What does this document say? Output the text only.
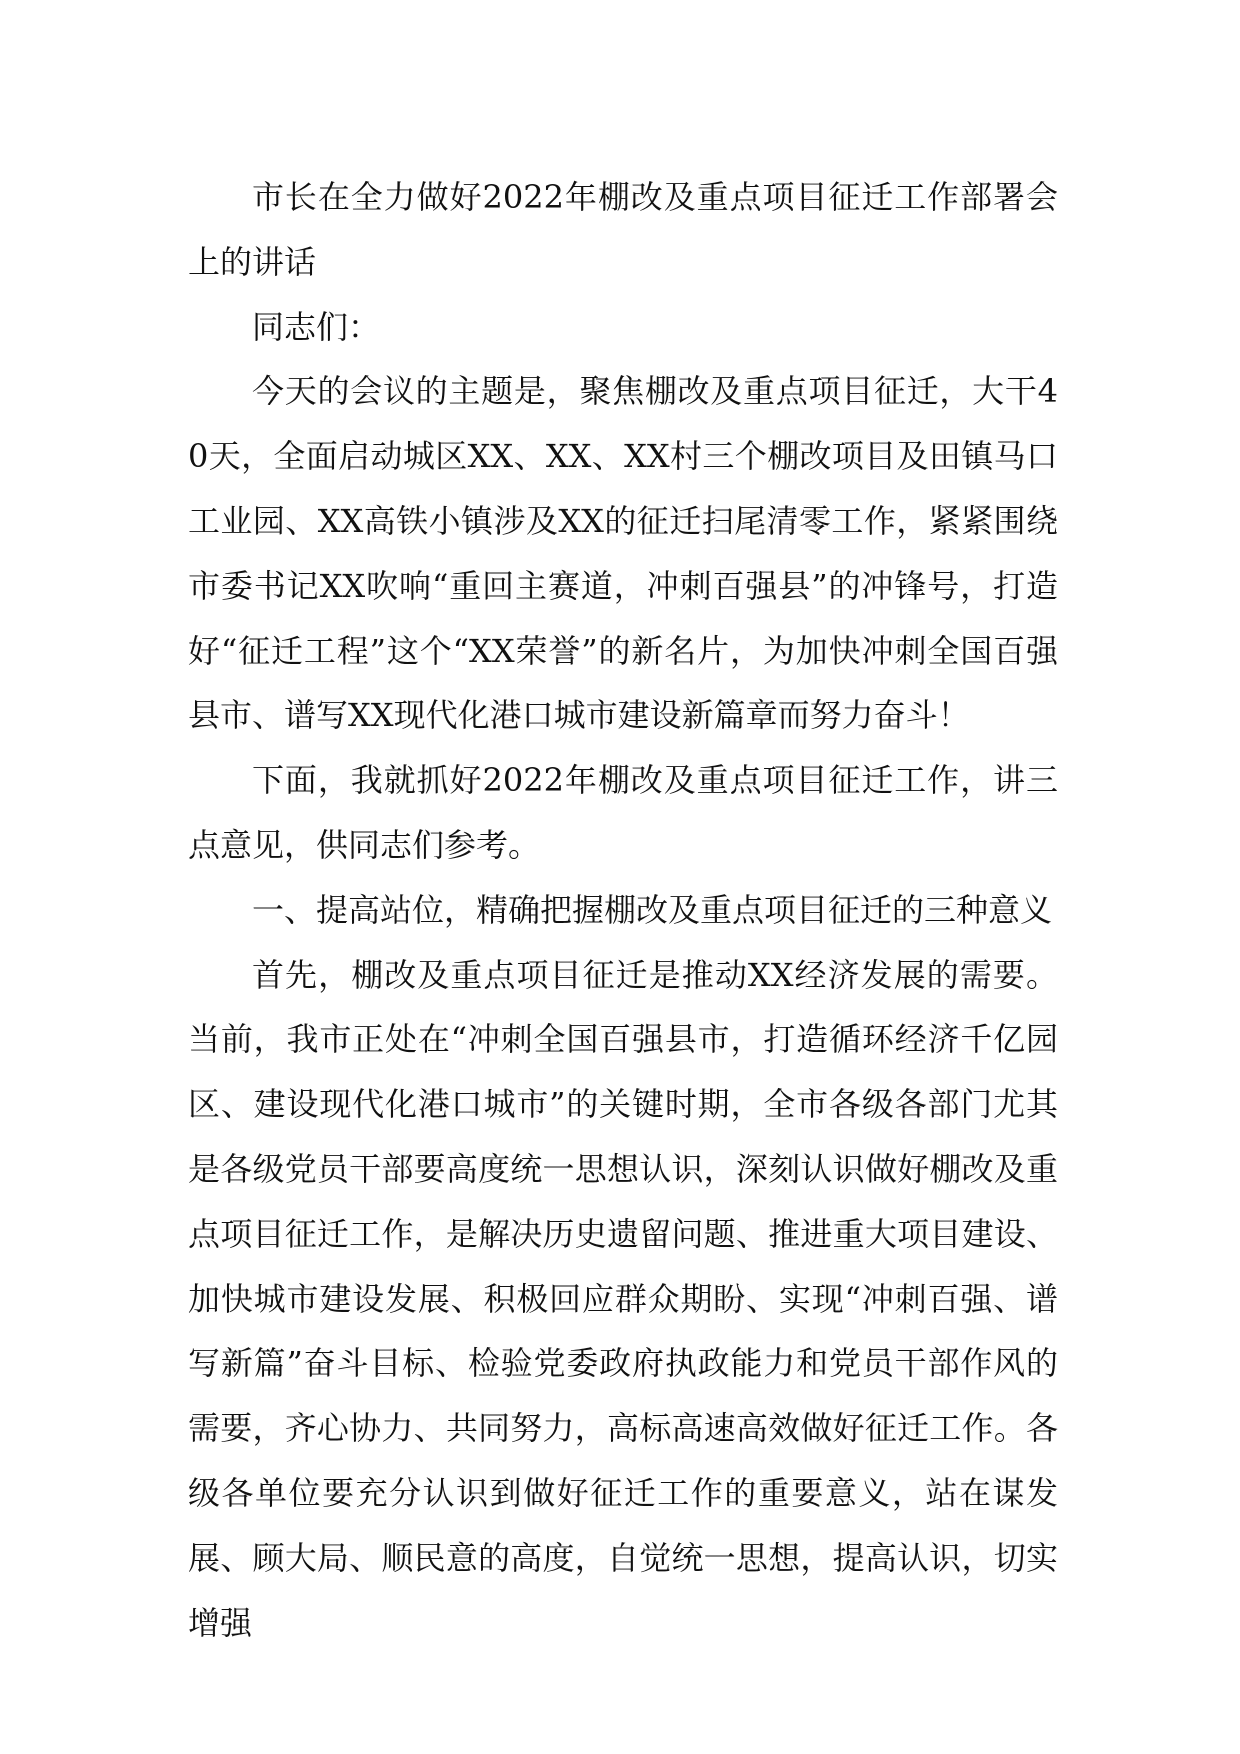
市长在全力做好2022年棚改及重点项目征迁工作部署会上的讲话

同志们：

今天的会议的主题是，聚焦棚改及重点项目征迁，大干40天，全面启动城区XX、XX、XX村三个棚改项目及田镇马口工业园、XX高铁小镇涉及XX的征迁扫尾清零工作，紧紧围绕市委书记XX吹响“重回主赛道，冲刺百强县”的冲锋号，打造好“征迁工程”这个“XX荣誉”的新名片，为加快冲刺全国百强县市、谱写XX现代化港口城市建设新篇章而努力奋斗！

下面，我就抓好2022年棚改及重点项目征迁工作，讲三点意见，供同志们参考。

一、提高站位，精确把握棚改及重点项目征迁的三种意义

首先，棚改及重点项目征迁是推动XX经济发展的需要。当前，我市正处在“冲刺全国百强县市，打造循环经济千亿园区、建设现代化港口城市”的关键时期，全市各级各部门尤其是各级党员干部要高度统一思想认识，深刻认识做好棚改及重点项目征迁工作，是解决历史遗留问题、推进重大项目建设、加快城市建设发展、积极回应群众期盼、实现“冲刺百强、谱写新篇”奋斗目标、检验党委政府执政能力和党员干部作风的需要，齐心协力、共同努力，高标高速高效做好征迁工作。各级各单位要充分认识到做好征迁工作的重要意义，站在谋发展、顾大局、顺民意的高度，自觉统一思想，提高认识，切实增强
